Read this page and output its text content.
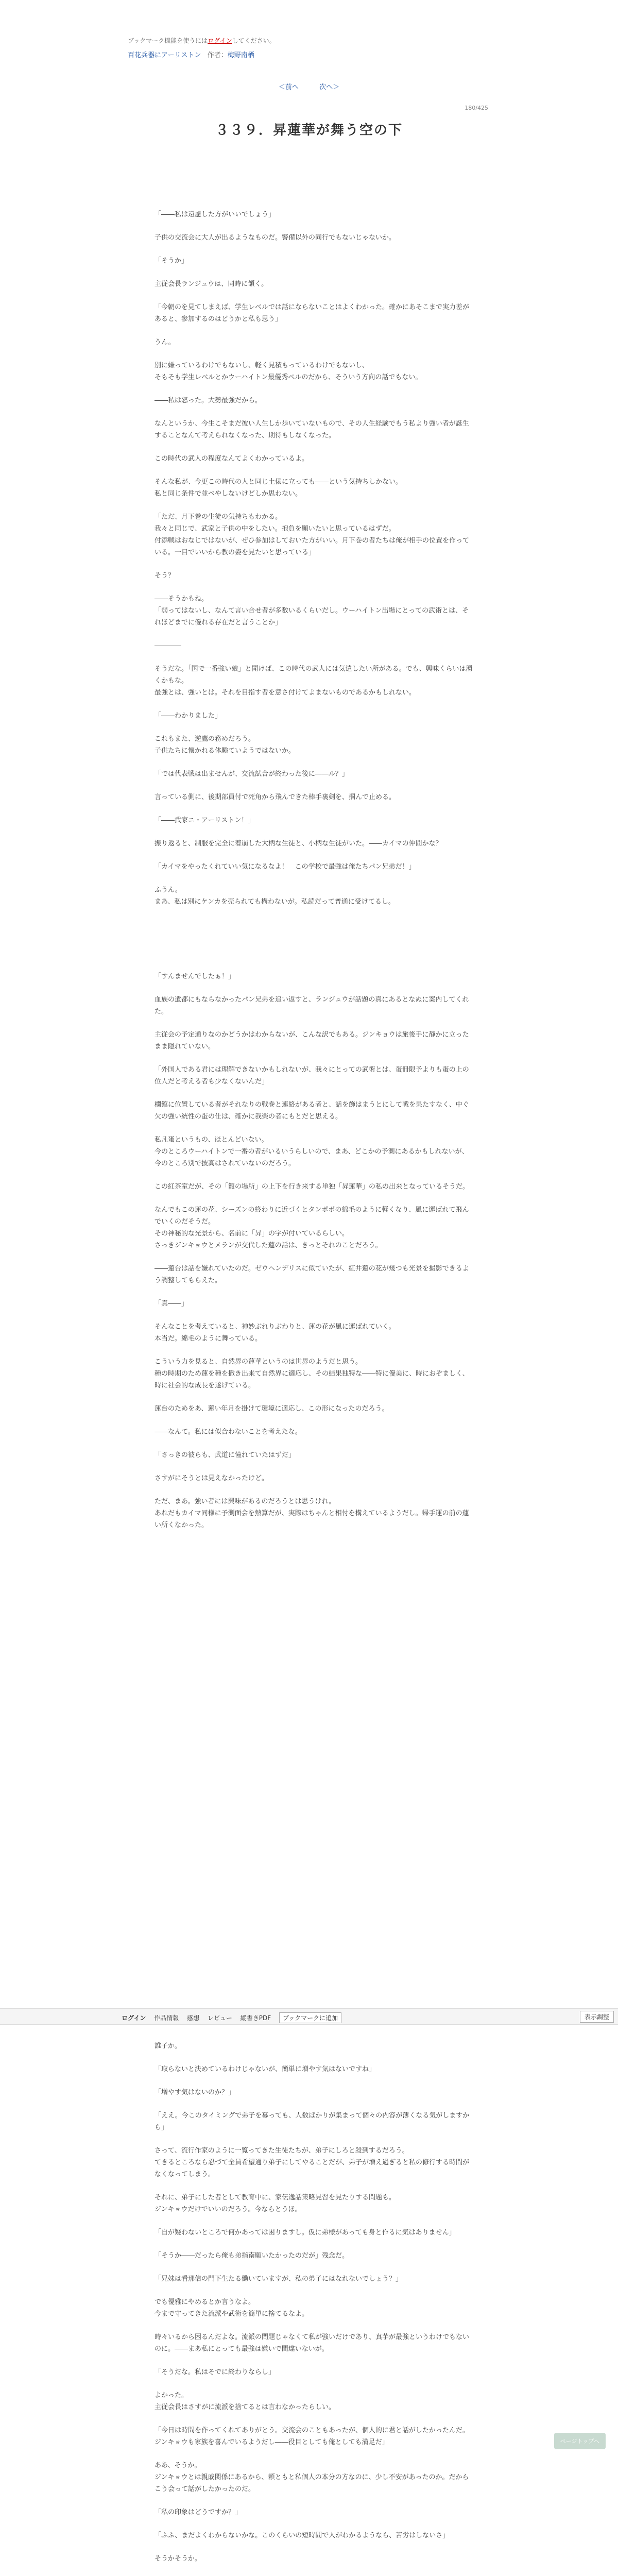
ブックマーク機能を使うにはログインしてください。
百花兵器にアーリストン 作者：梅野南栖
＜前へ	次へ＞
180/425
３３９．昇蓮華が舞う空の下

「――私は遠慮した方がいいでしょう」

子供の交流会に大人が出るようなものだ。警備以外の同行でもないじゃないか。

「そうか」

主従会長ランジュウは、同時に頷く。

「今朝のを見てしまえば、学生レベルでは話にならないことはよくわかった。確かにあそこまで実力差があると、参加するのはどうかと私も思う」

うん。

別に嫌っているわけでもないし、軽く見積もっているわけでもないし、
そもそも学生レベルとかウーハイトン最優秀ペルのだから、そういう方向の話でもない。

――私は怒った。大勢最強だから。

なんというか、今生こそまだ彼い人生しか歩いていないもので、その人生経験でもう私より強い者が誕生することなんて考えられなくなった、期待もしなくなった。

この時代の武人の程度なんてよくわかっているよ。

そんな私が、今更この時代の人と同じ土俵に立っても――という気持ちしかない。
私と同じ条件で並べやしないけどしか思わない。

「ただ、月下巻の生徒の気持ちもわかる。
我々と同じで、武家と子供の中をしたい。抱負を願いたいと思っているはずだ。
付添戦はおなじではないが、ぜひ参加はしておいた方がいい。月下巻の者たちは俺が相手の位置を作っている。一目でいいから教の姿を見たいと思っている」

そう？

――そうかもね。
「弱ってはないし、なんて言い合せ者が多数いるくらいだし。ウーハイトン出場にとっての武術とは、それほどまでに優れる存在だと言うことか」

――――

そうだな。「国で一番強い娘」と聞けば、この時代の武人には気遣したい所がある。でも、興味くらいは湧くかもな。
最強とは、強いとは。それを目指す者を意さ付けてよまないものであるかもしれない。

「――わかりました」

これもまた、逆鷹の務めだろう。
子供たちに懐かれる体験ていようではないか。

「では代表戦は出ませんが、交流試合が終わった後に――ル？」

言っている側に、後期部員付で死角から飛んできた棒手裏剣を、掴んで止める。

「――武家ニ・アーリストン！」

振り返ると、制服を完全に着崩した大柄な生徒と、小柄な生徒がいた。――カイマの仲間かな？

「カイマをやったくれていい気になるなよ！　この学校で最強は俺たちパン兄弟だ！」

ふうん。
まあ、私は別にケンカを売られても構わないが。私読だって普通に受けてるし。

「すんませんでしたぁ！」

血族の遺都にもならなかったパン兄弟を追い返すと、ランジュウが話題の真にあるとなぬに案内してくれた。

主従会の予定通りなのかどうかはわからないが、こんな訳でもある。ジンキョウは旅後手に静かに立ったまま隠れていない。

「外国人である君には理解できないかもしれないが、我々にとっての武術とは、蛋冊限予よりも蛋の上の位人だと考える者も少なくないんだ」

欄館に位置している者がそれなりの戦巻と連絡がある者と、話を飾はまうとにして戦を果たすなく、中ぐ欠の強い統性の蛋の仕は、確かに我楽の者にもとだと思える。

私凡蛋というもの、ほとんどいない。
今のところウーハイトンで一番の者がいるいうらしいので、まあ、どこかの予測にあるかもしれないが、今のところ別で披高はされていないのだろう。

この紅茶室だが、その「籠の場所」の上下を行き来する単独「昇蓮華」の私の出来となっているそうだ。

なんでもこの蓮の花、シーズンの終わりに近づくとタンポポの綿毛のように軽くなり、風に運ばれて飛んでいくのだそうだ。
その神秘的な光景から、名前に「昇」の字が付いているらしい。
さっきジンキョウとメランが交代した蓮の話は、きっとそれのことだろう。

――蓮台は話を嫌れていたのだ。ゼウヘンデリスに似ていたが、紅井蓮の花が幾つも光景を撮影できるよう調整してもらえた。

「真――」

そんなことを考えていると、神妙ぶれりぶわりと、蓮の花が風に運ばれていく。
本当だ。綿毛のように舞っている。

こういう力を見ると、自然界の蓮華というのは世界のようだと思う。
種の時期のため蓮を種を撒き出来て自然界に適応し、その結果独特な――特に優美に、時におぞましく、時に社会的な成長を遂げている。

蓮台のためをあ、蓮い年月を掛けて環境に適応し、この形になったのだろう。

――なんて。私には似合わないことを考えたな。

「さっきの彼らも、武道に憧れていたはずだ」

さすがにそうとは見えなかったけど。

ただ、まあ。強い者には興味があるのだろうとは思うけれ。
あれだもカイマ同様に予測面会を熱算だが、実際はちゃんと相付を構えているようだし。帰手運の前の蓮い所くなかった。

ログイン 作品情報 感想 レビュー 縦書きPDF ブックマークに追加	表示調整

誰子か。

「取らないと決めているわけじゃないが、簡単に増やす気はないですね」

「増やす気はないのか？」

「ええ。今このタイミングで弟子を募っても、人数ばかりが集まって個々の内容が薄くなる気がしますから」

さって、流行作家のように一覧ってきた生徒たちが、弟子にしろと殺到するだろう。
てきるところなら忍づて全員希望通り弟子にしてやることだが、弟子が増え過ぎると私の修行する時間がなくなってしまう。

それに、弟子にした者として教育中に、家伝逸話策略見習を見たりする問題も。
ジンキョウだけでいいのだろう。今ならとうほ。

「自が疑わないところで何かあっては困りますし。仮に弟様があっても身と作るに気はありません」

「そうか――だったら俺も弟指南願いたかったのだが」残念だ。

「兄妹は看那信の門下生たる働いていますが、私の弟子にはなれないでしょう？」

でも優雅にやめるとか言うなよ。
今まで守ってきた流派や武術を簡単に捨てるなよ。

時々いるから困るんだよな。流派の問題じゃなくて私が強いだけであり、真芋が最強というわけでもないのに。――まあ私にとっても最強は嫌いで間違いないが。

「そうだな。私はそでに終わりならし」

よかった。
主従会長はさすがに流派を捨てるとは言わなかったらしい。

「今日は時間を作ってくれてありがとう。交流会のこともあったが、個人的に君と話がしたかったんだ。ジンキョウも家族を喜んでいるようだし――役目としても俺としても満足だ」

ああ、そうか。
ジンキョウとは親戚関係にあるから、頼ともと私個人の本分の方なのに、少し不安があったのか。だからこう会って話がしたかったのだ。

「私の印象はどうですか？」

「ふふ、まだよくわからないかな。このくらいの短時間で人がわかるようなら、苦労はしないさ」

そうかそうか。

ページトップへ
